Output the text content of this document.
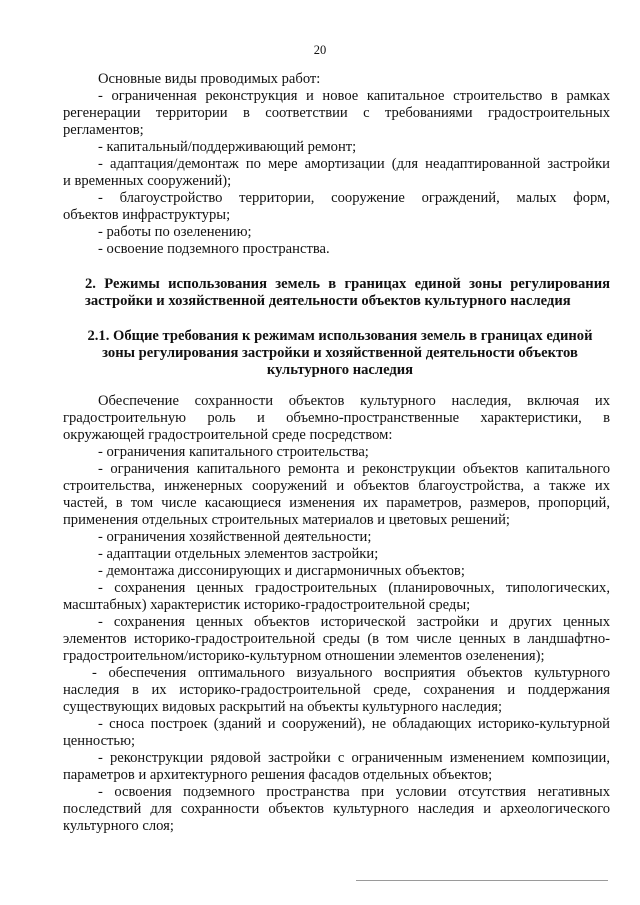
20
Основные виды проводимых работ:
- ограниченная реконструкция и новое капитальное строительство в рамках
регенерации территории в соответствии с требованиями градостроительных
регламентов;
- капитальный/поддерживающий ремонт;
- адаптация/демонтаж по мере амортизации (для неадаптированной застройки
и временных сооружений);
- благоустройство территории, сооружение ограждений, малых форм,
объектов инфраструктуры;
- работы по озеленению;
- освоение подземного пространства.
2. Режимы использования земель в границах единой зоны регулирования
застройки и хозяйственной деятельности объектов культурного наследия
2.1. Общие требования к режимам использования земель в границах единой
зоны регулирования застройки и хозяйственной деятельности объектов
культурного наследия
Обеспечение сохранности объектов культурного наследия, включая их
градостроительную роль и объемно-пространственные характеристики, в
окружающей градостроительной среде посредством:
- ограничения капитального строительства;
- ограничения капитального ремонта и реконструкции объектов капитального
строительства, инженерных сооружений и объектов благоустройства, а также их
частей, в том числе касающиеся изменения их параметров, размеров, пропорций,
применения отдельных строительных материалов и цветовых решений;
- ограничения хозяйственной деятельности;
- адаптации отдельных элементов застройки;
- демонтажа диссонирующих и дисгармоничных объектов;
- сохранения ценных градостроительных (планировочных, типологических,
масштабных) характеристик историко-градостроительной среды;
- сохранения ценных объектов исторической застройки и других ценных
элементов историко-градостроительной среды (в том числе ценных в ландшафтно-
градостроительном/историко-культурном отношении элементов озеленения);
- обеспечения оптимального визуального восприятия объектов культурного
наследия в их историко-градостроительной среде, сохранения и поддержания
существующих видовых раскрытий на объекты культурного наследия;
- сноса построек (зданий и сооружений), не обладающих историко-культурной
ценностью;
- реконструкции рядовой застройки с ограниченным изменением композиции,
параметров и архитектурного решения фасадов отдельных объектов;
- освоения подземного пространства при условии отсутствия негативных
последствий для сохранности объектов культурного наследия и археологического
культурного слоя;
